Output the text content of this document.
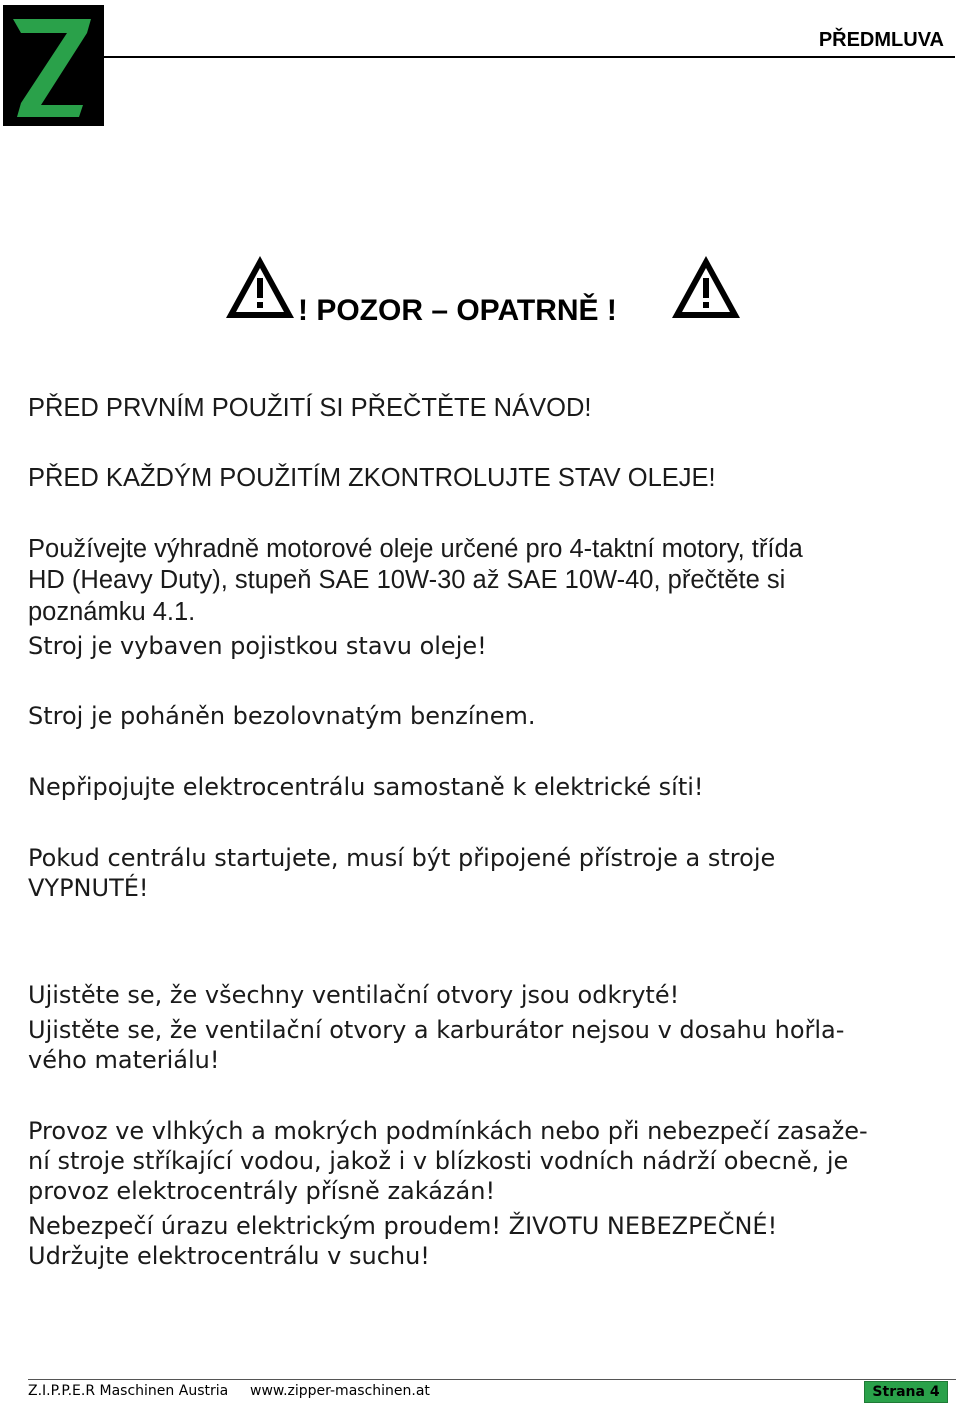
PŘEDMLUVA
! POZOR – OPATRNĚ !

PŘED PRVNÍM POUŽITÍ SI PŘEČTĚTE NÁVOD!

PŘED KAŽDÝM POUŽITÍM ZKONTROLUJTE STAV OLEJE!

Používejte výhradně motorové oleje určené pro 4-taktní motory, třída

HD (Heavy Duty), stupeň SAE 10W-30 až SAE 10W-40, přečtěte si

poznámku 4.1.

Stroj je vybaven pojistkou stavu oleje!

Stroj je poháněn bezolovnatým benzínem.

Nepřipojujte elektrocentrálu samostaně k elektrické síti!

Pokud centrálu startujete, musí být připojené přístroje a stroje

VYPNUTÉ!

Ujistěte se, že všechny ventilační otvory jsou odkryté!

Ujistěte se, že ventilační otvory a karburátor nejsou v dosahu hořla-

vého materiálu!

Provoz ve vlhkých a mokrých podmínkách nebo při nebezpečí zasaže-

ní stroje stříkající vodou, jakož i v blízkosti vodních nádrží obecně, je

provoz elektrocentrály přísně zakázán!

Nebezpečí úrazu elektrickým proudem! ŽIVOTU NEBEZPEČNÉ!

Udržujte elektrocentrálu v suchu!

Z.I.P.P.E.R Maschinen Austria www.zipper-maschinen.at	Strana 4
